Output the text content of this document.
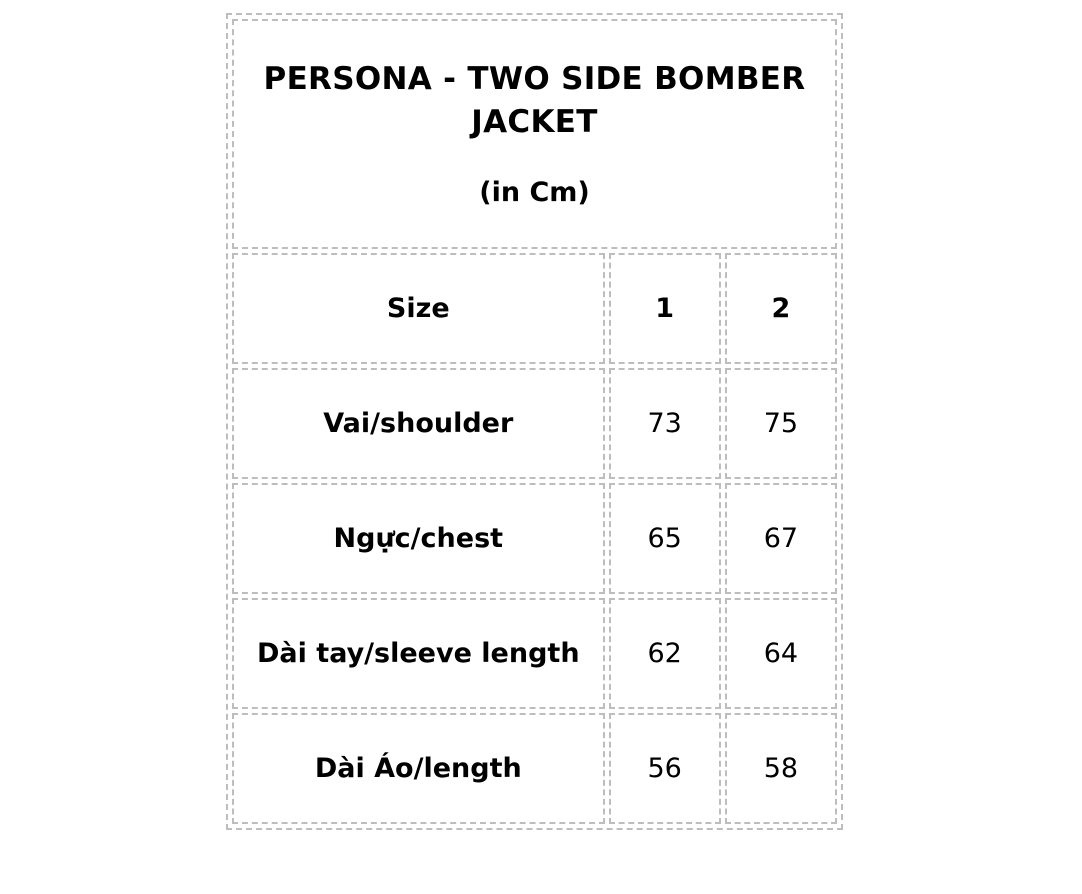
PERSONA - TWO SIDE BOMBER JACKET
(in Cm)		

Size	1	2
Vai/shoulder	73	75
Ngực/chest	65	67
Dài tay/sleeve length	62	64
Dài Áo/length	56	58
